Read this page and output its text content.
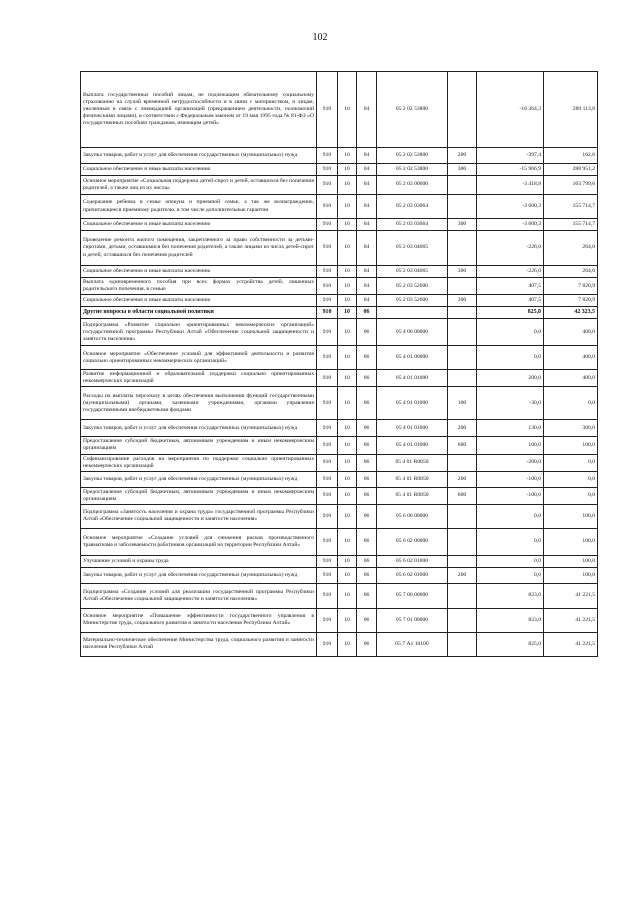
102
Выплата государственных пособий лицам, не подлежащим обязательному социальному страхованию на случай временной нетрудоспособности и в связи с материнством, и лицам, уволенным в связи с ликвидацией организаций (прекращением деятельности, полномочий физическими лицами), в соответствии с Федеральным законом от 19 мая 1995 года № 81-ФЗ «О государственных пособиях гражданам, имеющим детей»	910	10	04	05 2 02 53800		-16 364,3	289 113,8
Закупка товаров, работ и услуг для обеспечения государственных (муниципальных) нужд	910	10	04	05 2 02 53800	200	-397,4	162,6
Социальное обеспечение и иные выплаты населению	910	10	04	05 2 02 53800	300	-15 966,9	288 951,2
Основное мероприятие «Социальная поддержка детей-сирот и детей, оставшихся без попечения родителей, а также лиц из их числа»	910	10	04	05 2 03 00000		-3 418,8	163 799,6
Содержание ребенка в семье опекуна и приемной семье, а так же вознаграждение, причитающееся приемному родителю, в том числе дополнительные гарантии	910	10	04	05 2 03 03064		-3 600,3	155 714,7
Социальное обеспечение и иные выплаты населению	910	10	04	05 2 03 03064	300	-3 600,3	155 714,7
Проведение ремонта жилого помещения, закрепленного за право собственности за детьми-сиротами, детьми, оставшимися без попечения родителей, а также лицами из числа детей-сирот и детей, оставшихся без попечения родителей	910	10	04	05 2 03 04065		-226,0	264,0
Социальное обеспечение и иные выплаты населению	910	10	04	05 2 03 04065	300	-226,0	264,0
Выплата единовременного пособия при всех формах устройства детей, лишенных родительского попечения, в семью	910	10	04	05 2 03 52600		407,5	7 820,9
Социальное обеспечение и иные выплаты населению	910	10	04	05 2 03 52600	300	407,5	7 820,9
Другие вопросы в области социальной политики	910	10	06			825,0	42 323,5
Подпрограмма «Развитие социально ориентированных некоммерческих организаций» государственной программы Республики Алтай «Обеспечение социальной защищенности и занятости населения»	910	10	06	05 4 00 00000		0,0	400,0
Основное мероприятие «Обеспечение условий для эффективной деятельности и развития социально ориентированных некоммерческих организаций»	910	10	06	05 4 01 00000		0,0	400,0
Развитие информационной и образовательной поддержки социально ориентированных некоммерческих организаций	910	10	06	05 4 01 01000		200,0	400,0
Расходы на выплаты персоналу в целях обеспечения выполнения функций государственными (муниципальными) органами, казенными учреждениями, органами управления государственными внебюджетными фондами	910	10	06	05 4 01 01000	100	-30,0	0,0
Закупка товаров, работ и услуг для обеспечения государственных (муниципальных) нужд	910	10	06	05 4 01 01000	200	130,0	300,0
Предоставление субсидий бюджетным, автономным учреждениям и иным некоммерческим организациям	910	10	06	05 4 01 01000	600	100,0	100,0
Софинансирование расходов на мероприятия по поддержке социально ориентированных некоммерческих организаций	910	10	06	05 4 01 R0850		-200,0	0,0
Закупка товаров, работ и услуг для обеспечения государственных (муниципальных) нужд	910	10	06	05 4 01 R0850	200	-100,0	0,0
Предоставление субсидий бюджетным, автономным учреждениям и иным некоммерческим организациям	910	10	06	05 4 01 R0850	600	-100,0	0,0
Подпрограмма «Занятость населения и охрана труда» государственной программы Республики Алтай «Обеспечение социальной защищенности и занятости населения»	910	10	06	05 6 00 00000		0,0	100,0
Основное мероприятие «Создание условий для снижения рисков производственного травматизма и заболеваемости работников организаций на территории Республики Алтай»	910	10	06	05 6 02 00000		0,0	100,0
Улучшение условий и охраны труда	910	10	06	05 6 02 01000		0,0	100,0
Закупка товаров, работ и услуг для обеспечения государственных (муниципальных) нужд	910	10	06	05 6 02 01000	200	0,0	100,0
Подпрограмма «Создание условий для реализации государственной программы Республики Алтай «Обеспечение социальной защищенности и занятости населения»	910	10	06	05 7 00 00000		823,0	41 221,5
Основное мероприятие «Повышение эффективности государственного управления в Министерстве труда, социального развития и занятости населения Республики Алтай»	910	10	06	05 7 01 00000		823,0	41 221,5
Материально-техническое обеспечение Министерства труда, социального развития и занятости населения Республики Алтай	910	10	06	05 7 А1 10100		825,0	41 221,5
